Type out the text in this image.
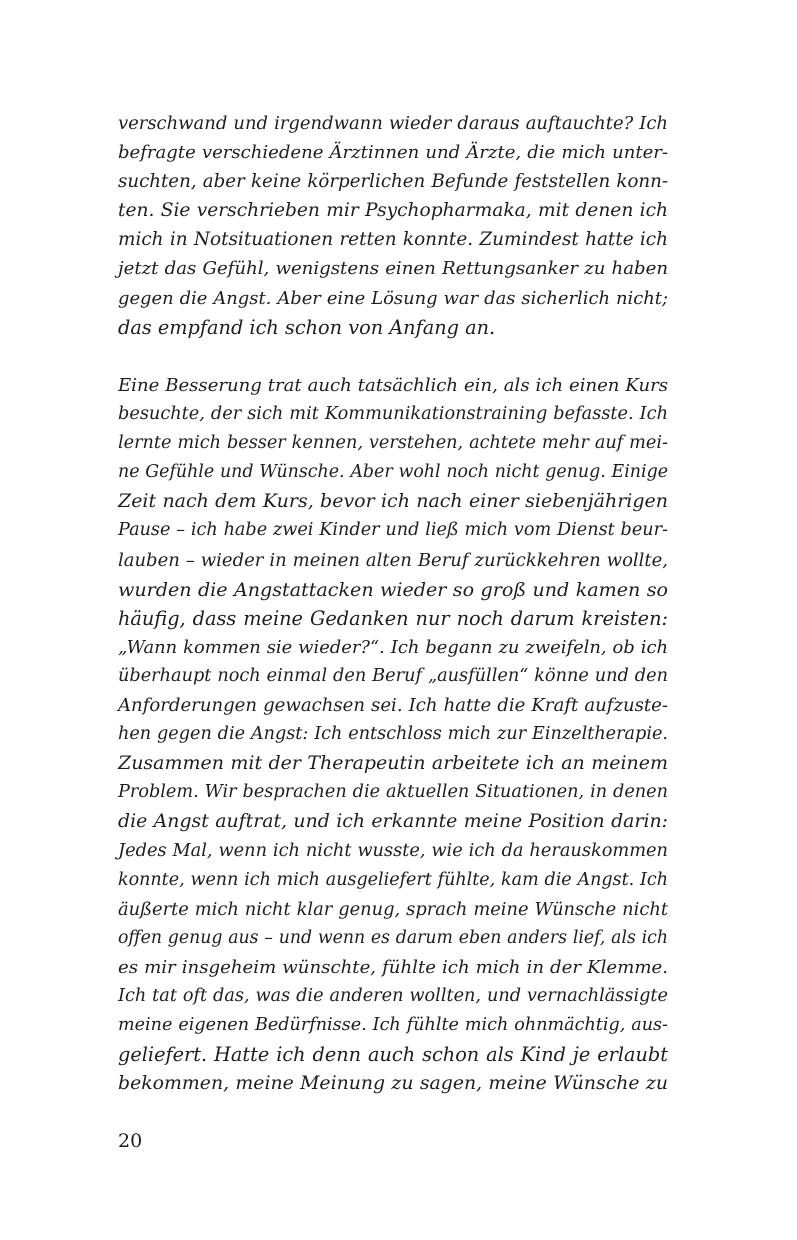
verschwand und irgendwann wieder daraus auftauchte? Ich
befragte verschiedene Ärztinnen und Ärzte, die mich unter-
suchten, aber keine körperlichen Befunde feststellen konn-
ten. Sie verschrieben mir Psychopharmaka, mit denen ich
mich in Notsituationen retten konnte. Zumindest hatte ich
jetzt das Gefühl, wenigstens einen Rettungsanker zu haben
gegen die Angst. Aber eine Lösung war das sicherlich nicht;
das empfand ich schon von Anfang an.
Eine Besserung trat auch tatsächlich ein, als ich einen Kurs
besuchte, der sich mit Kommunikationstraining befasste. Ich
lernte mich besser kennen, verstehen, achtete mehr auf mei-
ne Gefühle und Wünsche. Aber wohl noch nicht genug. Einige
Zeit nach dem Kurs, bevor ich nach einer siebenjährigen
Pause – ich habe zwei Kinder und ließ mich vom Dienst beur-
lauben – wieder in meinen alten Beruf zurückkehren wollte,
wurden die Angstattacken wieder so groß und kamen so
häufig, dass meine Gedanken nur noch darum kreisten:
„Wann kommen sie wieder?“. Ich begann zu zweifeln, ob ich
überhaupt noch einmal den Beruf „ausfüllen“ könne und den
Anforderungen gewachsen sei. Ich hatte die Kraft aufzuste-
hen gegen die Angst: Ich entschloss mich zur Einzeltherapie.
Zusammen mit der Therapeutin arbeitete ich an meinem
Problem. Wir besprachen die aktuellen Situationen, in denen
die Angst auftrat, und ich erkannte meine Position darin:
Jedes Mal, wenn ich nicht wusste, wie ich da herauskommen
konnte, wenn ich mich ausgeliefert fühlte, kam die Angst. Ich
äußerte mich nicht klar genug, sprach meine Wünsche nicht
offen genug aus – und wenn es darum eben anders lief, als ich
es mir insgeheim wünschte, fühlte ich mich in der Klemme.
Ich tat oft das, was die anderen wollten, und vernachlässigte
meine eigenen Bedürfnisse. Ich fühlte mich ohnmächtig, aus-
geliefert. Hatte ich denn auch schon als Kind je erlaubt
bekommen, meine Meinung zu sagen, meine Wünsche zu
20
